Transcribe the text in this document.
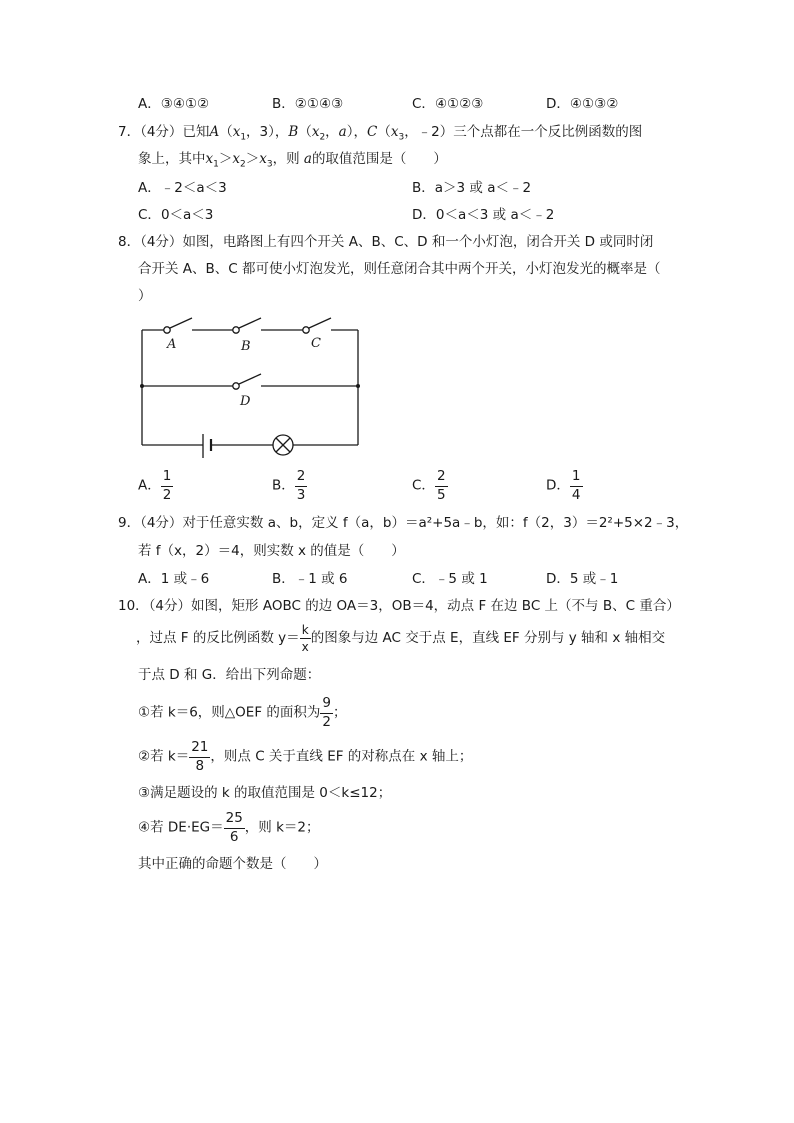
A．③④①②	B．②①④③	C．④①②③	D．④①③②
7．（4分）已知$A(x_1$，3），$B(x_2$，a），$C(x_3$，﹣2）三个点都在一个反比例函数的图
象上，其中$x_1>x_2>x_3$，则 a的取值范围是（　　）
A．﹣2＜a＜3	B．a＞3 或 a＜﹣2
C．0＜a＜3	D．0＜a＜3 或 a＜﹣2
8．（4分）如图，电路图上有四个开关 A、B、C、D 和一个小灯泡，闭合开关 D 或同时闭
合开关 A、B、C 都可使小灯泡发光，则任意闭合其中两个开关，小灯泡发光的概率是（
）
A	B	C
D
A． $\frac{1}{2}$	B． $\frac{2}{3}$	C． $\frac{2}{5}$	D． $\frac{1}{4}$
9．（4分）对于任意实数 a、b，定义 f（a，b）＝a²+5a﹣b，如：f（2，3）＝2²+5×2﹣3，
若 f（x，2）＝4，则实数 x 的值是（　　）
A．1 或﹣6	B．﹣1 或 6	C．﹣5 或 1	D．5 或﹣1
10．（4分）如图，矩形 AOBC 的边 OA＝3，OB＝4，动点 F 在边 BC 上（不与 B、C 重合）
，过点 F 的反比例函数 $y= \frac{k}{x}$ 的图象与边 AC 交于点 E，直线 EF 分别与 y 轴和 x 轴相交
于点 D 和 G．给出下列命题：
①若 k＝6，则△OEF 的面积为 $\frac{9}{2}$ ；
②若 $k= \frac{21}{8}$ ，则点 C 关于直线 EF 的对称点在 x 轴上；
③满足题设的 k 的取值范围是 0＜k≤12；
④若 $DE\cdot EG= \frac{25}{6}$ ，则 k＝2；
其中正确的命题个数是（　　）
